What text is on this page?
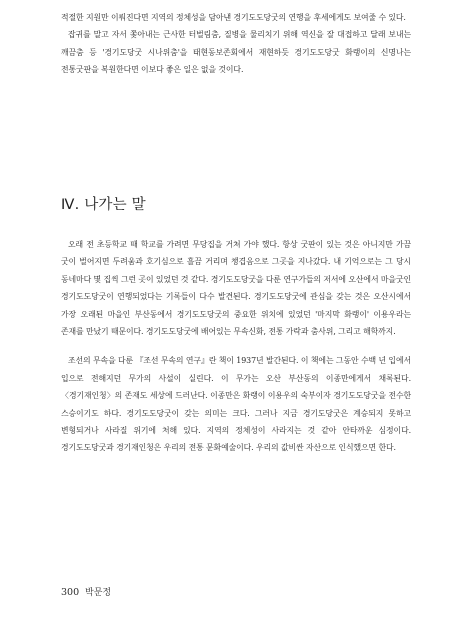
적절한 지원만 이뤄진다면 지역의 정체성을 담아낸 경기도도당굿의 연행을 후세에게도 보여줄 수 있다.

잡귀를 말고 자서 쫓아내는 근사한 터벌림춤, 질병을 물리치기 위해 역신을 잘 대접하고 달래 보내는 깨끔춤 등 '경기도당굿 시나위춤'을 태현동보존회에서 재현하듯 경기도도당굿 화랭이의 신명나는 전통굿판을 복원한다면 이보다 좋은 일은 없을 것이다.

Ⅳ. 나가는 말

오래 전 초등학교 때 학교를 가려면 무당집을 거쳐 가야 했다. 항상 굿판이 있는 것은 아니지만 가끔 굿이 벌어지면 두려움과 호기심으로 흘끔 거리며 챙겹음으로 그곳을 지나갔다. 내 기억으로는 그 당시 동네마다 몇 집씩 그런 곳이 있었던 것 같다. 경기도도당굿을 다룬 연구가들의 저서에 오산에서 마을굿인 경기도도당굿이 연행되었다는 기록들이 다수 발견된다. 경기도도당굿에 관심을 갖는 것은 오산시에서 가장 오래된 마을인 부산동에서 경기도도당굿의 중요한 위치에 있었던 '마지막 화랭이' 이용우라는 존재를 만났기 때문이다. 경기도도당굿에 배어있는 무속신화, 전통 가락과 춤사위, 그리고 해학까지.

조선의 무속을 다룬 『조선 무속의 연구』란 책이 1937년 발간된다. 이 책에는 그동안 수백 년 입에서 입으로 전해지던 무가의 사설이 실린다. 이 무가는 오산 부산동의 이종만에게서 채록된다. 〈경기재인청〉의 존재도 세상에 드러난다. 이종만은 화랭이 이용우의 숙부이자 경기도도당굿을 전수한 스승이기도 하다. 경기도도당굿이 갖는 의미는 크다. 그러나 지금 경기도당굿은 계승되지 못하고 변형되거나 사라질 위기에 처해 있다. 지역의 정체성이 사라지는 것 같아 안타까운 심정이다. 경기도도당굿과 경기재인청은 우리의 전통 문화예술이다. 우리의 값비싼 자산으로 인식했으면 한다.

300 박문정
